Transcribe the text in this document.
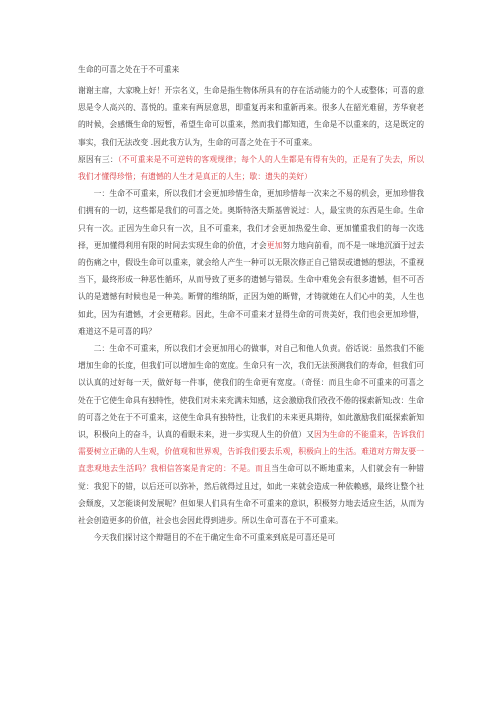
生命的可喜之处在于不可重来

谢谢主席，大家晚上好！开宗名义，生命是指生物体所具有的存在活动能力的个人或整体；可喜的意思是令人高兴的、喜悦的。重来有两层意思，即重复再来和重新再来。很多人在韶光难留，芳华衰老的时候，会感慨生命的短暂，希望生命可以重来，然而我们都知道，生命是不以重来的，这是既定的事实，我们无法改变 .因此我方认为，生命的可喜之处在于不可重来。

原因有三：（不可重来是不可逆转的客观规律；每个人的人生都是有得有失的，正是有了失去，所以我们才懂得珍惜；有遗憾的人生才是真正的人生；歇：遗失的美好）

一：生命不可重来，所以我们才会更加珍惜生命，更加珍惜每一次来之不易的机会，更加珍惜我们拥有的一切，这些都是我们的可喜之处。奥斯特洛夫斯基曾说过：人，最宝贵的东西是生命。生命只有一次。正因为生命只有一次，且不可重来，我们才会更加热爱生命、更加懂重我们的每一次选择，更加懂得利用有限的时间去实现生命的价值，才会更加努力地向前看，而不是一味地沉湎于过去的伤痛之中，假设生命可以重来，就会给人产生一种可以无限次修正自己错误或遗憾的想法，不重视当下，最终形成一种恶性循环，从而导致了更多的遗憾与错误。生命中难免会有很多遗憾，但不可否认的是遗憾有时候也是一种美。断臂的维纳斯，正因为她的断臂，才铸就她在人们心中的美，人生也如此，因为有遗憾，才会更精彩。因此，生命不可重来才显得生命的可贵美好，我们也会更加珍惜，难道这不是可喜的吗？

二：生命不可重来，所以我们才会更加用心的做事，对自己和他人负责。俗话说：虽然我们不能增加生命的长度，但我们可以增加生命的宽度。生命只有一次，我们无法预测我们的寿命，但我们可以认真的过好每一天，做好每一件事，使我们的生命更有宽度。（奇怪：而且生命不可重来的可喜之处在于它使生命具有独特性，使我们对未来充满未知感，这会激励我们孜孜不倦的探索新知;改：生命的可喜之处在于不可重来，这使生命具有独特性，让我们的未来更具期待，如此激励我们砥探索新知识，积极向上的奋斗，认真的看眼未来，进一步实现人生的价值）又因为生命的不能重来，告诉我们需要树立正确的人生观，价值观和世界观，告诉我们要去乐观，积极向上的生活。难道对方辩友要一直悲观地去生活吗？我相信答案是肯定的：不是。而且当生命可以不断地重来，人们就会有一种错觉：我犯下的错，以后还可以弥补，然后就得过且过，如此一来就会造成一种依赖感，最终让整个社会颓废，又怎能谈何发展呢？但如果人们具有生命不可重来的意识，积极努力地去适应生活，从而为社会创造更多的价值，社会也会因此得到进步。所以生命可喜在于不可重来。

今天我们探讨这个辩题目的不在于确定生命不可重来到底是可喜还是可
